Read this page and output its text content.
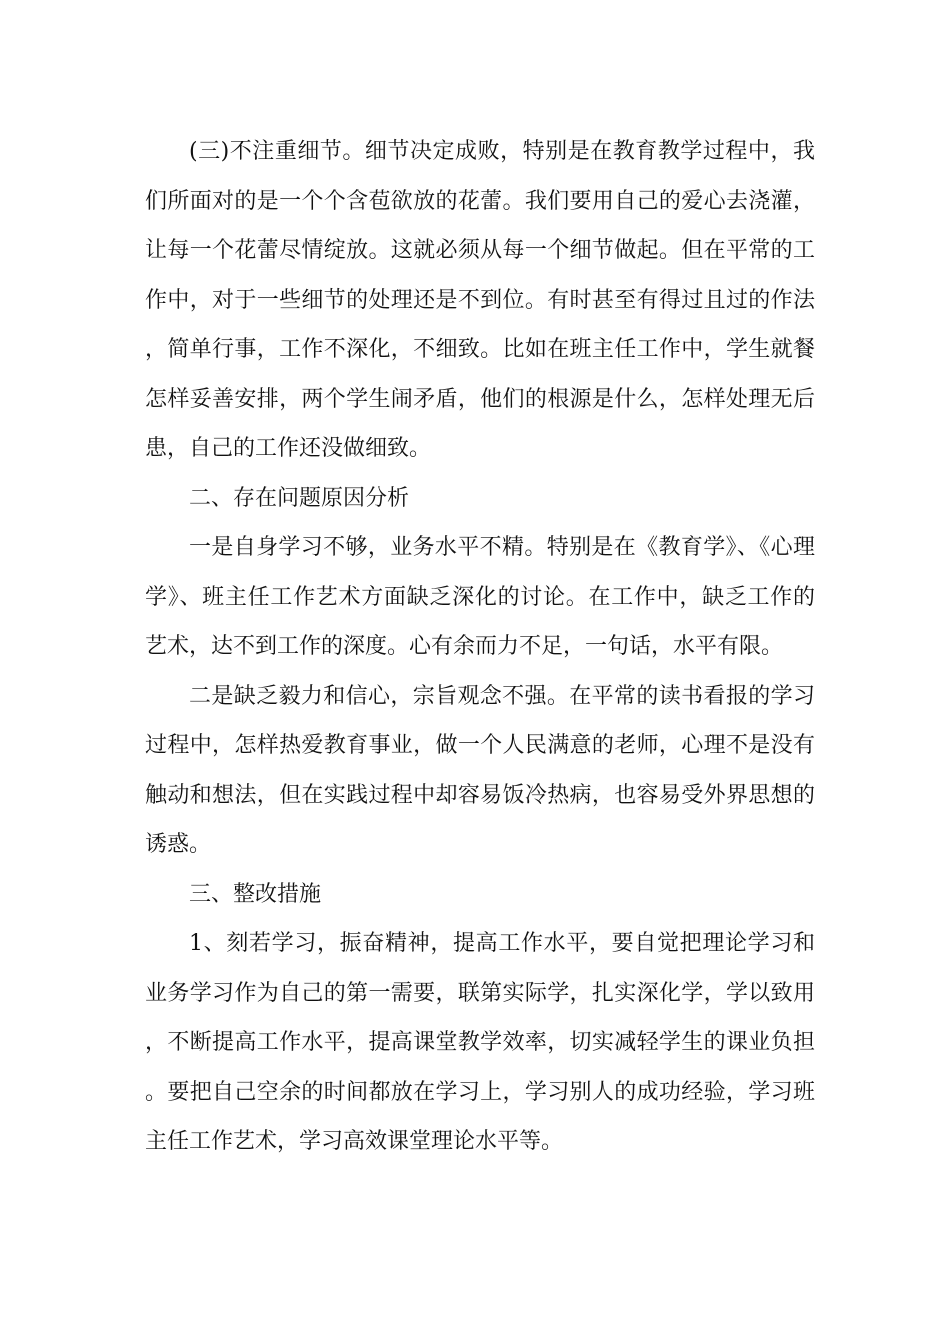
(三)不注重细节。细节决定成败，特别是在教育教学过程中，我们所面对的是一个个含苞欲放的花蕾。我们要用自己的爱心去浇灌，让每一个花蕾尽情绽放。这就必须从每一个细节做起。但在平常的工作中，对于一些细节的处理还是不到位。有时甚至有得过且过的作法，简单行事，工作不深化，不细致。比如在班主任工作中，学生就餐怎样妥善安排，两个学生闹矛盾，他们的根源是什么，怎样处理无后患，自己的工作还没做细致。

二、存在问题原因分析

一是自身学习不够，业务水平不精。特别是在《教育学》、《心理学》、班主任工作艺术方面缺乏深化的讨论。在工作中，缺乏工作的艺术，达不到工作的深度。心有余而力不足，一句话，水平有限。

二是缺乏毅力和信心，宗旨观念不强。在平常的读书看报的学习过程中，怎样热爱教育事业，做一个人民满意的老师，心理不是没有触动和想法，但在实践过程中却容易饭冷热病，也容易受外界思想的诱惑。

三、整改措施

1、刻若学习，振奋精神，提高工作水平，要自觉把理论学习和业务学习作为自己的第一需要，联第实际学，扎实深化学，学以致用，不断提高工作水平，提高课堂教学效率，切实减轻学生的课业负担。要把自己空余的时间都放在学习上，学习别人的成功经验，学习班主任工作艺术，学习高效课堂理论水平等。
